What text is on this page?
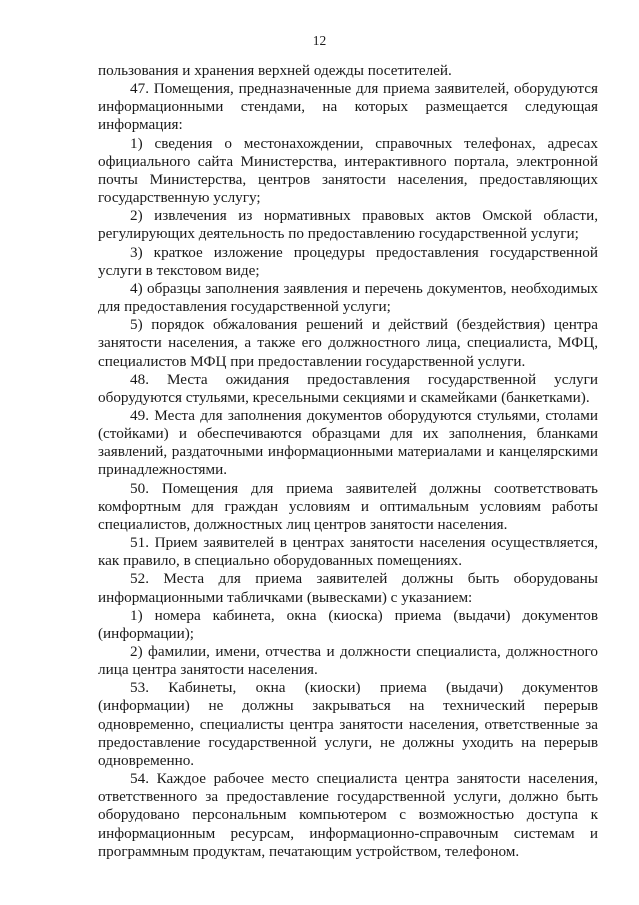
12

пользования и хранения верхней одежды посетителей.

47. Помещения, предназначенные для приема заявителей, оборудуются информационными стендами, на которых размещается следующая информация:

1) сведения о местонахождении, справочных телефонах, адресах официального сайта Министерства, интерактивного портала, электронной почты Министерства, центров занятости населения, предоставляющих государственную услугу;

2) извлечения из нормативных правовых актов Омской области, регулирующих деятельность по предоставлению государственной услуги;

3) краткое изложение процедуры предоставления государственной услуги в текстовом виде;

4) образцы заполнения заявления и перечень документов, необходимых для предоставления государственной услуги;

5) порядок обжалования решений и действий (бездействия) центра занятости населения, а также его должностного лица, специалиста, МФЦ, специалистов МФЦ при предоставлении государственной услуги.

48. Места ожидания предоставления государственной услуги оборудуются стульями, кресельными секциями и скамейками (банкетками).

49. Места для заполнения документов оборудуются стульями, столами (стойками) и обеспечиваются образцами для их заполнения, бланками заявлений, раздаточными информационными материалами и канцелярскими принадлежностями.

50. Помещения для приема заявителей должны соответствовать комфортным для граждан условиям и оптимальным условиям работы специалистов, должностных лиц центров занятости населения.

51. Прием заявителей в центрах занятости населения осуществляется, как правило, в специально оборудованных помещениях.

52. Места для приема заявителей должны быть оборудованы информационными табличками (вывесками) с указанием:

1) номера кабинета, окна (киоска) приема (выдачи) документов (информации);

2) фамилии, имени, отчества и должности специалиста, должностного лица центра занятости населения.

53. Кабинеты, окна (киоски) приема (выдачи) документов (информации) не должны закрываться на технический перерыв одновременно, специалисты центра занятости населения, ответственные за предоставление государственной услуги, не должны уходить на перерыв одновременно.

54. Каждое рабочее место специалиста центра занятости населения, ответственного за предоставление государственной услуги, должно быть оборудовано персональным компьютером с возможностью доступа к информационным ресурсам, информационно-справочным системам и программным продуктам, печатающим устройством, телефоном.
